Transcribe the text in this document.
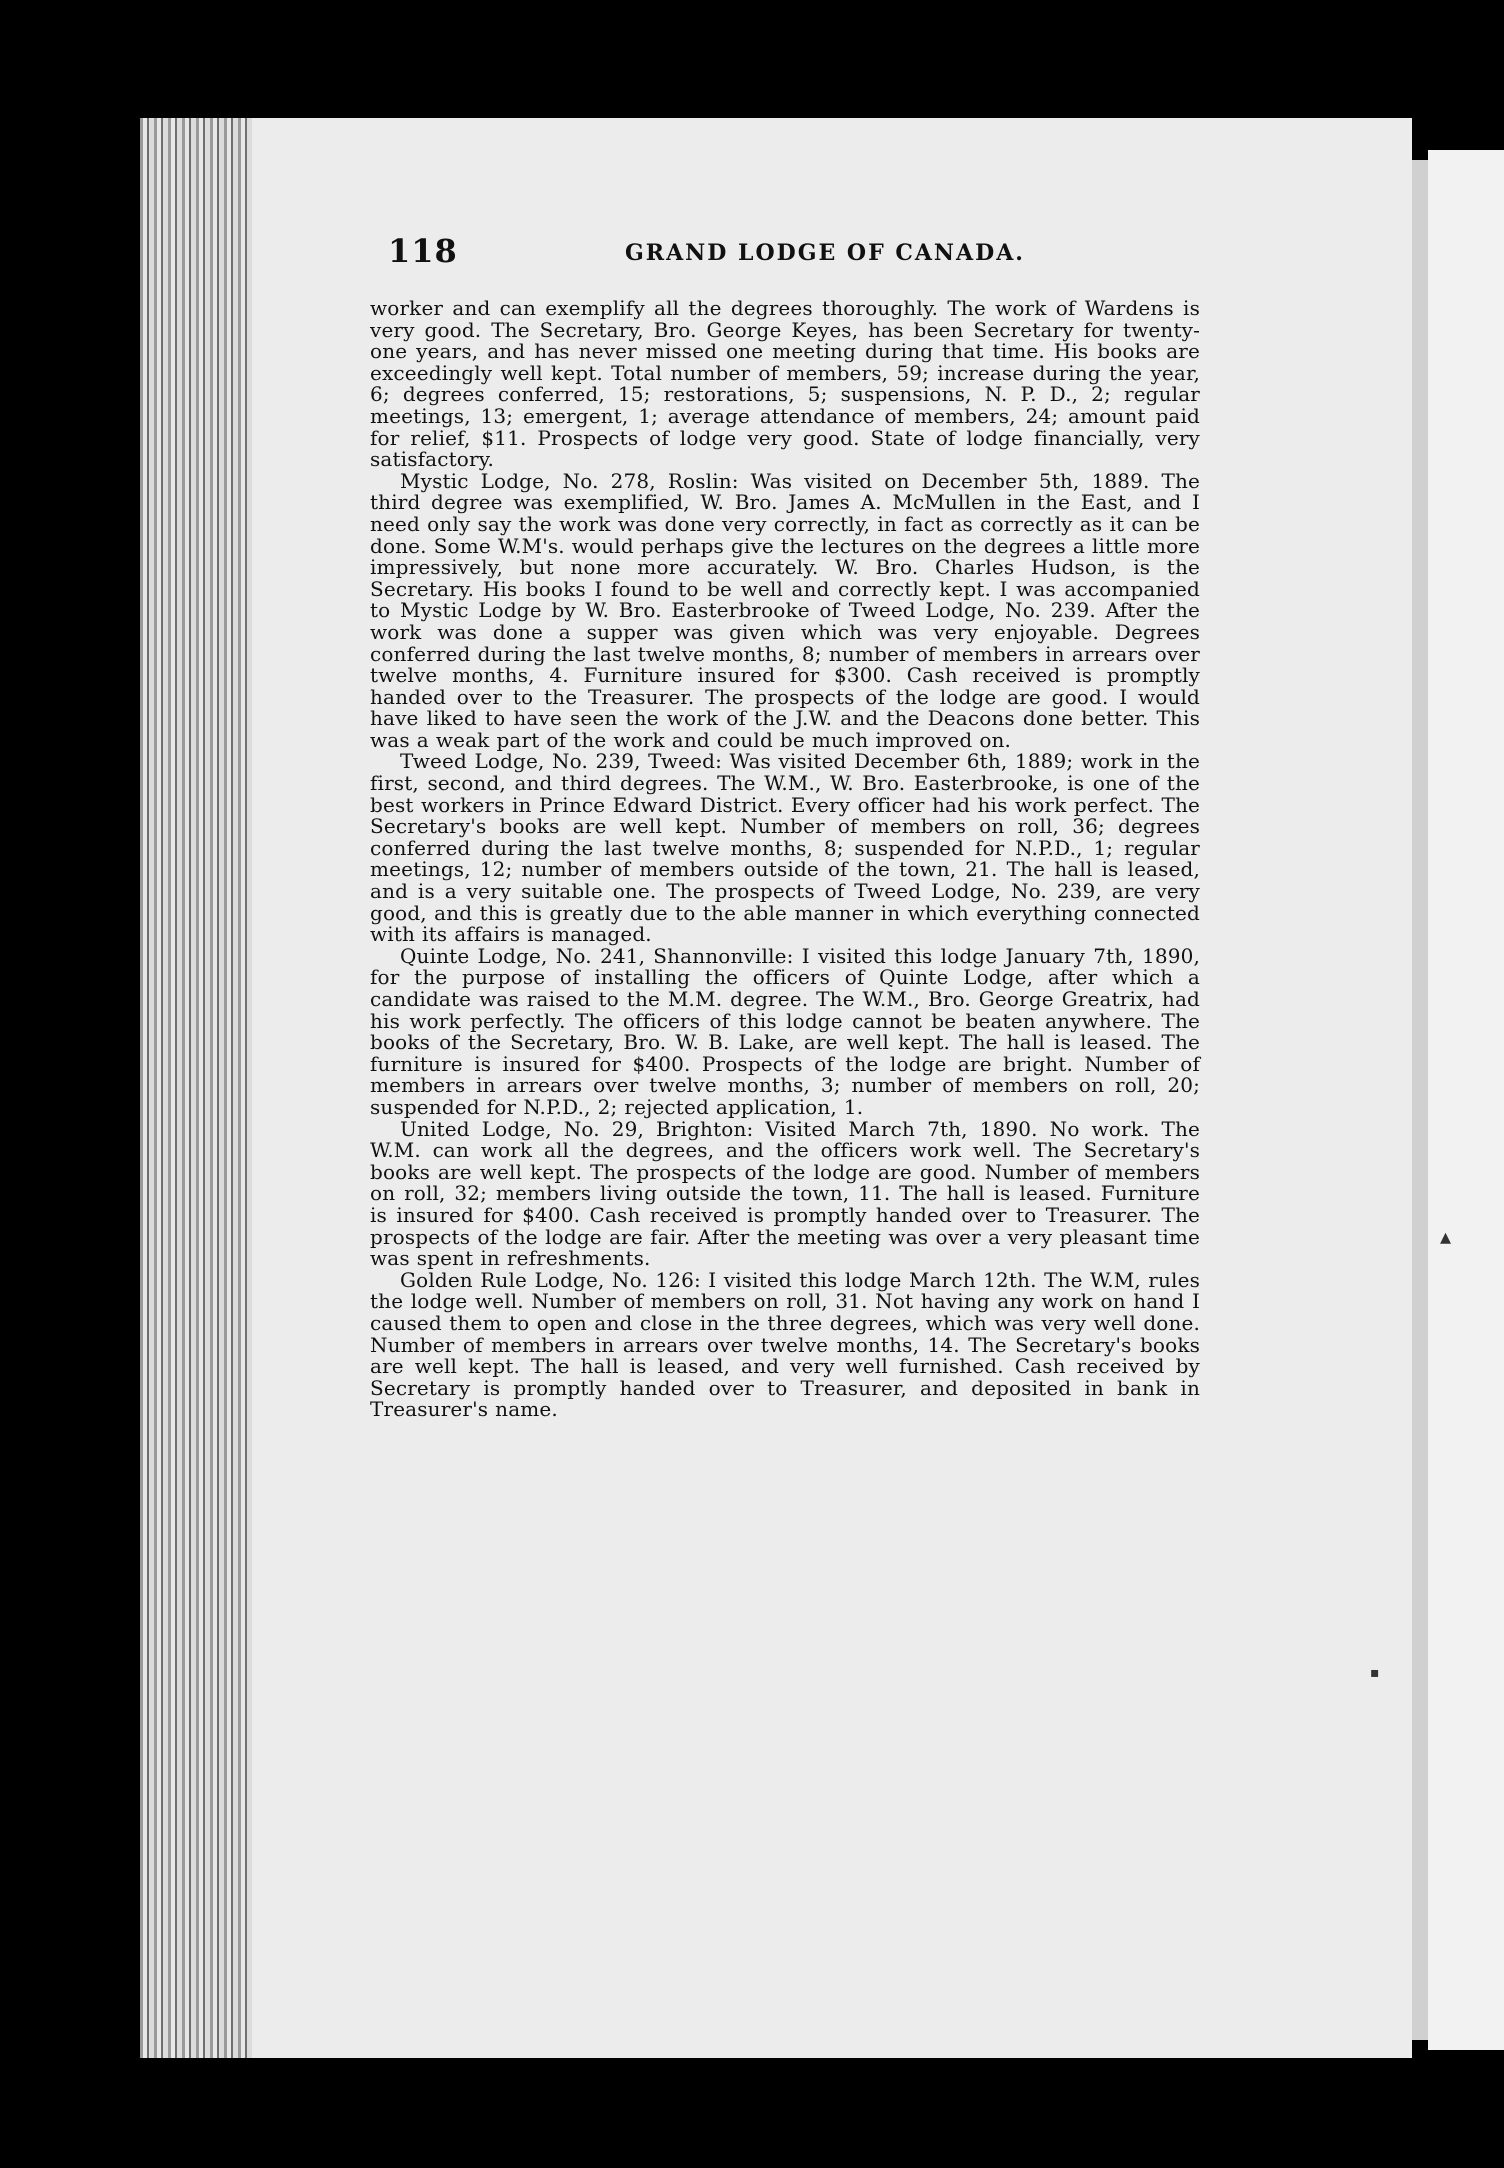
▴
▪
118	GRAND LODGE OF CANADA.

worker and can exemplify all the degrees thoroughly. The work of Wardens is very good. The Secretary, Bro. George Keyes, has been Secretary for twenty-one years, and has never missed one meeting during that time. His books are exceedingly well kept. Total number of members, 59; increase during the year, 6; degrees conferred, 15; restorations, 5; suspensions, N. P. D., 2; regular meetings, 13; emergent, 1; average attendance of members, 24; amount paid for relief, $11. Prospects of lodge very good. State of lodge financially, very satisfactory.

Mystic Lodge, No. 278, Roslin: Was visited on December 5th, 1889. The third degree was exemplified, W. Bro. James A. McMullen in the East, and I need only say the work was done very correctly, in fact as correctly as it can be done. Some W.M's. would perhaps give the lectures on the degrees a little more impressively, but none more accurately. W. Bro. Charles Hudson, is the Secretary. His books I found to be well and correctly kept. I was accompanied to Mystic Lodge by W. Bro. Easterbrooke of Tweed Lodge, No. 239. After the work was done a supper was given which was very enjoyable. Degrees conferred during the last twelve months, 8; number of members in arrears over twelve months, 4. Furniture insured for $300. Cash received is promptly handed over to the Treasurer. The prospects of the lodge are good. I would have liked to have seen the work of the J.W. and the Deacons done better. This was a weak part of the work and could be much improved on.

Tweed Lodge, No. 239, Tweed: Was visited December 6th, 1889; work in the first, second, and third degrees. The W.M., W. Bro. Easterbrooke, is one of the best workers in Prince Edward District. Every officer had his work perfect. The Secretary's books are well kept. Number of members on roll, 36; degrees conferred during the last twelve months, 8; suspended for N.P.D., 1; regular meetings, 12; number of members outside of the town, 21. The hall is leased, and is a very suitable one. The prospects of Tweed Lodge, No. 239, are very good, and this is greatly due to the able manner in which everything connected with its affairs is managed.

Quinte Lodge, No. 241, Shannonville: I visited this lodge January 7th, 1890, for the purpose of installing the officers of Quinte Lodge, after which a candidate was raised to the M.M. degree. The W.M., Bro. George Greatrix, had his work perfectly. The officers of this lodge cannot be beaten anywhere. The books of the Secretary, Bro. W. B. Lake, are well kept. The hall is leased. The furniture is insured for $400. Prospects of the lodge are bright. Number of members in arrears over twelve months, 3; number of members on roll, 20; suspended for N.P.D., 2; rejected application, 1.

United Lodge, No. 29, Brighton: Visited March 7th, 1890. No work. The W.M. can work all the degrees, and the officers work well. The Secretary's books are well kept. The prospects of the lodge are good. Number of members on roll, 32; members living outside the town, 11. The hall is leased. Furniture is insured for $400. Cash received is promptly handed over to Treasurer. The prospects of the lodge are fair. After the meeting was over a very pleasant time was spent in refreshments.

Golden Rule Lodge, No. 126: I visited this lodge March 12th. The W.M, rules the lodge well. Number of members on roll, 31. Not having any work on hand I caused them to open and close in the three degrees, which was very well done. Number of members in arrears over twelve months, 14. The Secretary's books are well kept. The hall is leased, and very well furnished. Cash received by Secretary is promptly handed over to Treasurer, and deposited in bank in Treasurer's name.
